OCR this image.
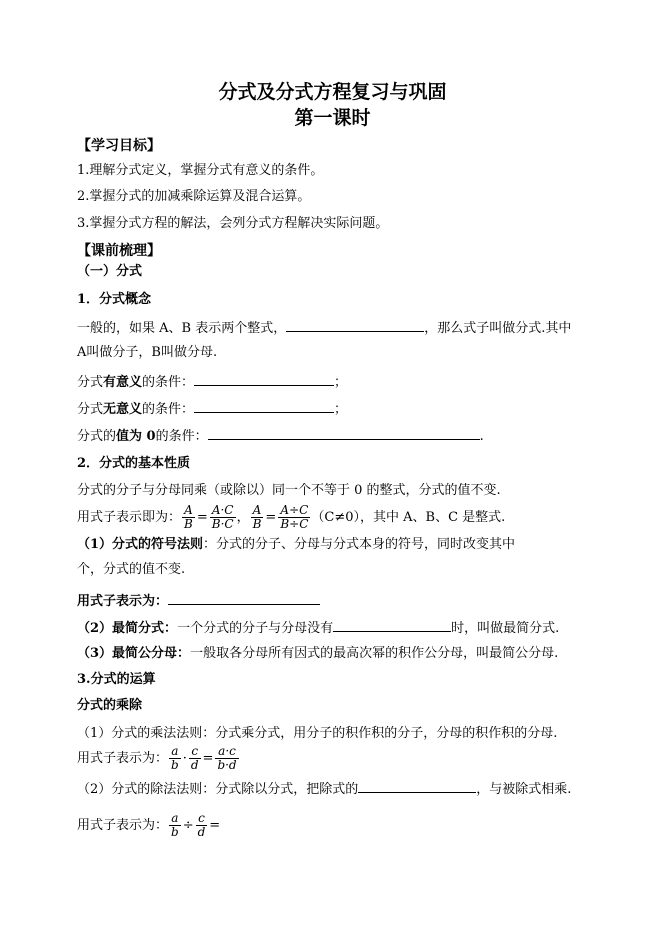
分式及分式方程复习与巩固
第一课时
【学习目标】
1.理解分式定义，掌握分式有意义的条件。
2.掌握分式的加减乘除运算及混合运算。
3.掌握分式方程的解法，会列分式方程解决实际问题。
【课前梳理】
（一）分式
1．分式概念
一般的，如果 A、B 表示两个整式，	，那么式子叫做分式.其中
A叫做分子，B叫做分母.
分式有意义的条件：	；
分式无意义的条件：	；
分式的值为 0的条件：	.
2．分式的基本性质
分式的分子与分母同乘（或除以）同一个不等于 0 的整式，分式的值不变.
用式子表示即为： $\frac{A}{B} = \frac{A\cdot C}{B\cdot C}$ ， $\frac{A}{B} = \frac{A\div C}{B\div C} (C\ne 0)$，其中 A、B、C 是整式.
（1）分式的符号法则：分式的分子、分母与分式本身的符号，同时改变其中
个，分式的值不变.
用式子表示为：
（2）最简分式：一个分式的分子与分母没有	时，叫做最简分式.
（3）最简公分母：一般取各分母所有因式的最高次幂的积作公分母，叫最简公分母.
3.分式的运算
分式的乘除
（1）分式的乘法法则：分式乘分式，用分子的积作积的分子，分母的积作积的分母.
用式子表示为： $\frac{a}{b} \cdot \frac{c}{d} = \frac{a\cdot c}{b\cdot d}$
（2）分式的除法法则：分式除以分式，把除式的	，与被除式相乘.
用式子表示为： $\frac{a}{b} \div \frac{c}{d}$ =
